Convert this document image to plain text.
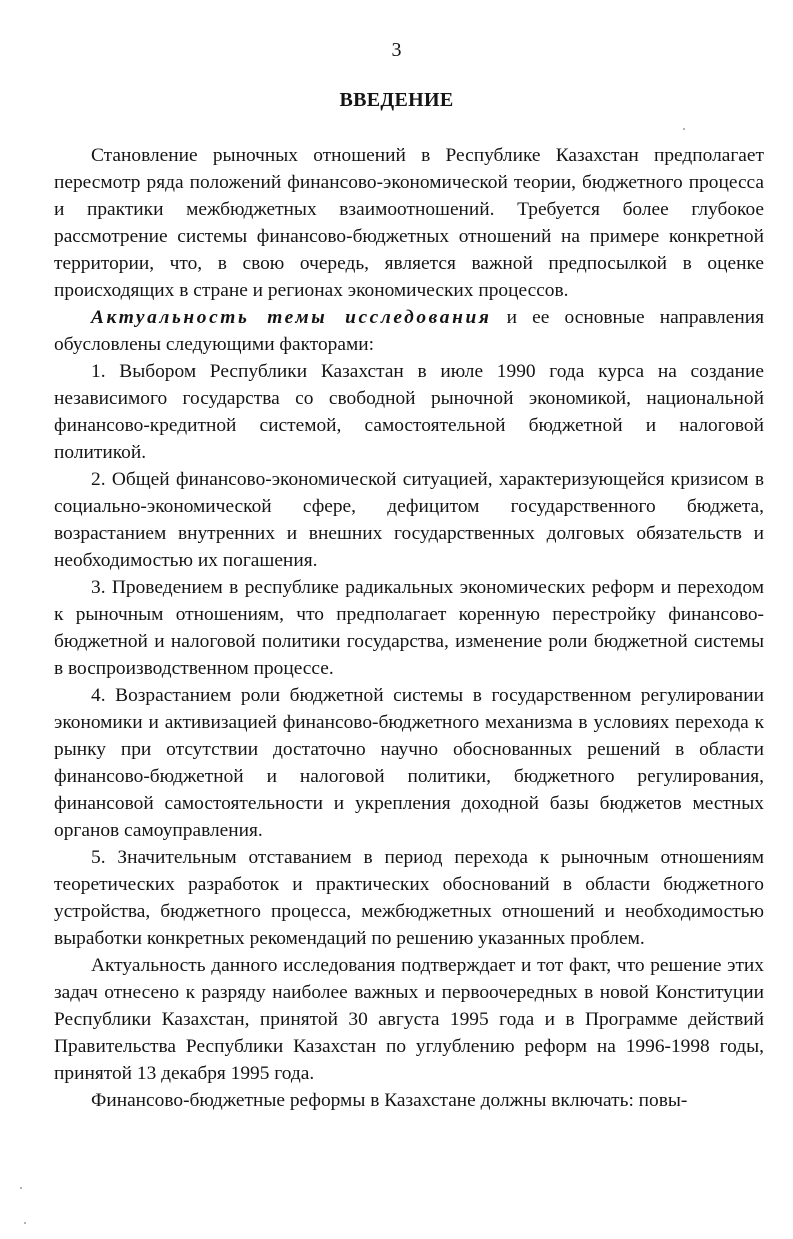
3
ВВЕДЕНИЕ

Становление рыночных отношений в Республике Казахстан предполагает пересмотр ряда положений финансово-экономической теории, бюджетного процесса и практики межбюджетных взаимоотношений. Требуется более глубокое рассмотрение системы финансово-бюджетных отношений на примере конкретной территории, что, в свою очередь, является важной предпосылкой в оценке происходящих в стране и регионах экономических процессов.

Актуальность темы исследования и ее основные направления обусловлены следующими факторами:

1. Выбором Республики Казахстан в июле 1990 года курса на создание независимого государства со свободной рыночной экономикой, национальной финансово-кредитной системой, самостоятельной бюджетной и налоговой политикой.

2. Общей финансово-экономической ситуацией, характеризующейся кризисом в социально-экономической сфере, дефицитом государственного бюджета, возрастанием внутренних и внешних государственных долговых обязательств и необходимостью их погашения.

3. Проведением в республике радикальных экономических реформ и переходом к рыночным отношениям, что предполагает коренную перестройку финансово-бюджетной и налоговой политики государства, изменение роли бюджетной системы в воспроизводственном процессе.

4. Возрастанием роли бюджетной системы в государственном регулировании экономики и активизацией финансово-бюджетного механизма в условиях перехода к рынку при отсутствии достаточно научно обоснованных решений в области финансово-бюджетной и налоговой политики, бюджетного регулирования, финансовой самостоятельности и укрепления доходной базы бюджетов местных органов самоуправления.

5. Значительным отставанием в период перехода к рыночным отношениям теоретических разработок и практических обоснований в области бюджетного устройства, бюджетного процесса, межбюджетных отношений и необходимостью выработки конкретных рекомендаций по решению указанных проблем.

Актуальность данного исследования подтверждает и тот факт, что решение этих задач отнесено к разряду наиболее важных и первоочередных в новой Конституции Республики Казахстан, принятой 30 августа 1995 года и в Программе действий Правительства Республики Казахстан по углублению реформ на 1996-1998 годы, принятой 13 декабря 1995 года.

Финансово-бюджетные реформы в Казахстане должны включать: повы-
